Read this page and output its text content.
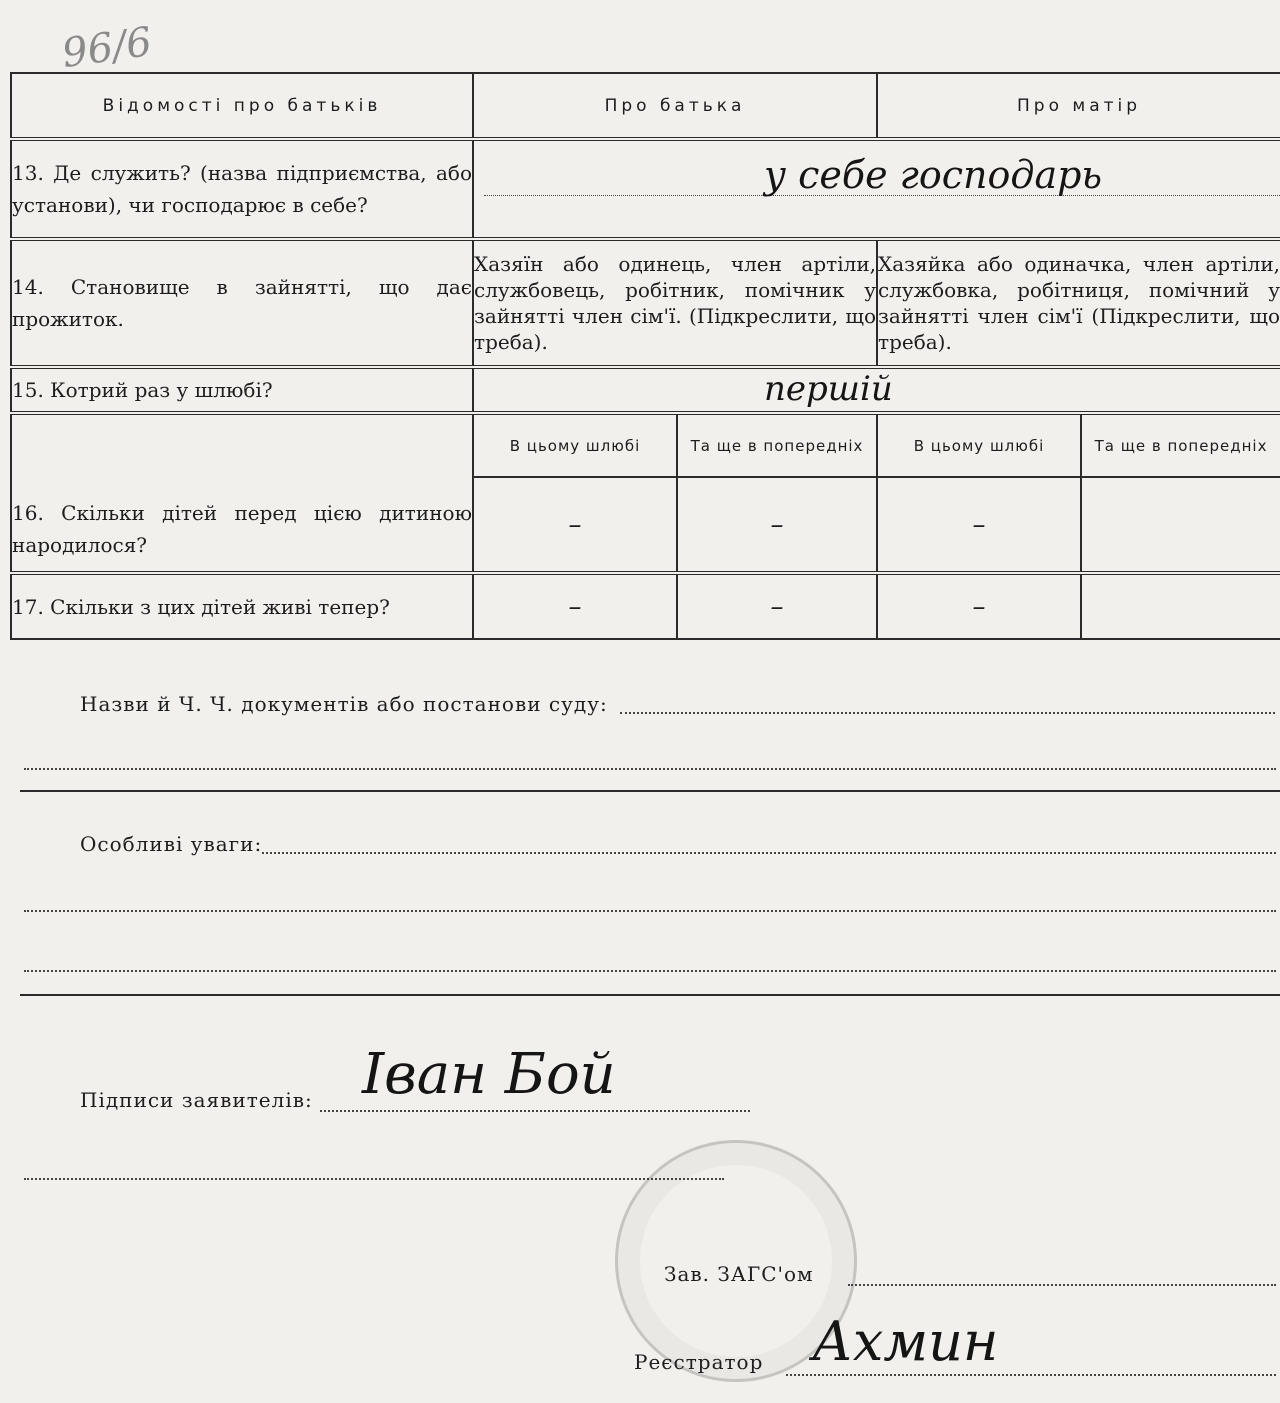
96/6
Відомості про батьків	Про батька		Про матір	
13. Де служить? (назва підприємства, або установи), чи господарює в себе?	у себе господарь			

14. Становище в зайнятті, що дає прожиток.	Хазяїн або одинець, член артіли, службовець, робітник, помічник у зайнятті член сім'ї. (Підкреслити, що треба).		Хазяйка або одиначка, член артіли, службовка, робітниця, помічний у зайнятті член сім'ї (Підкреслити, що треба).	
15. Котрий раз у шлюбі?	першій			

16. Скільки дітей перед цією дитиною народилося?	В цьому шлюбі	Та ще в попередніх	В цьому шлюбі	Та ще в попередніх
	–	–	–	
17. Скільки з цих дітей живі тепер?	–	–	–	
Назви й Ч. Ч. документів або постанови суду:
Особливі уваги:
Підписи заявителів: Іван Бой
Зав. ЗАГС'ом
Реєстратор Ахмин
